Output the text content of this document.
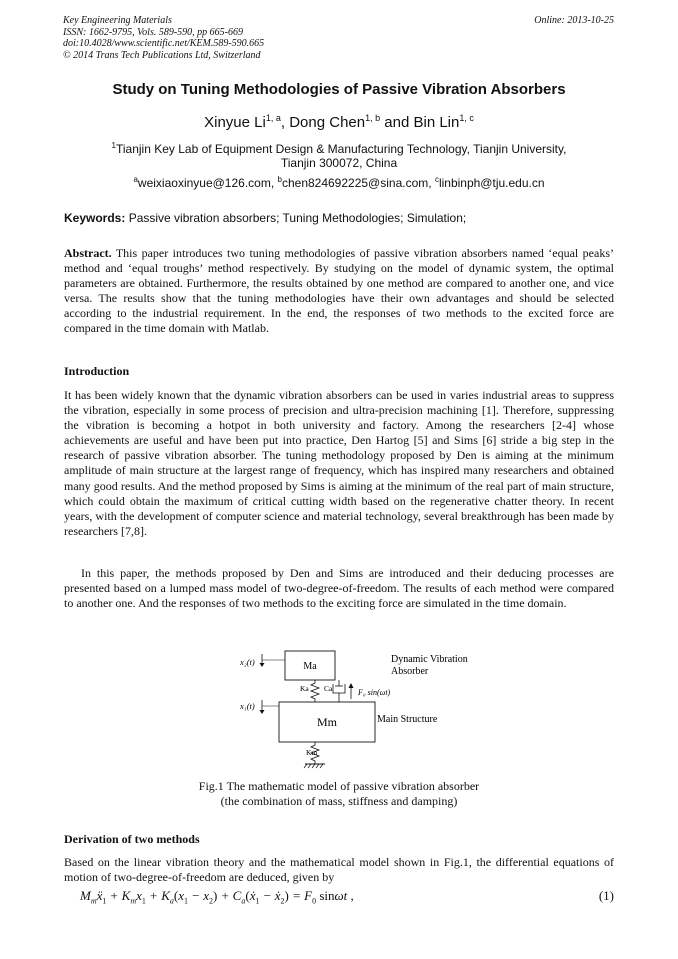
Key Engineering Materials
ISSN: 1662-9795, Vols. 589-590, pp 665-669
doi:10.4028/www.scientific.net/KEM.589-590.665
© 2014 Trans Tech Publications Ltd, Switzerland
Online: 2013-10-25
Study on Tuning Methodologies of Passive Vibration Absorbers
Xinyue Li$^{1, a}$, Dong Chen$^{1, b}$ and Bin Lin$^{1, c}$
$^1$Tianjin Key Lab of Equipment Design & Manufacturing Technology, Tianjin University,
Tianjin 300072, China
$^a$weixiaoxinyue@126.com, $^b$chen824692225@sina.com, $^c$linbinph@tju.edu.cn
Keywords: Passive vibration absorbers; Tuning Methodologies; Simulation;

Abstract. This paper introduces two tuning methodologies of passive vibration absorbers named ‘equal peaks’ method and ‘equal troughs’ method respectively. By studying on the model of dynamic system, the optimal parameters are obtained. Furthermore, the results obtained by one method are compared to another one, and vice versa. The results show that the tuning methodologies have their own advantages and should be selected according to the industrial requirement. In the end, the responses of two methods to the excited force are compared in the time domain with Matlab.

Introduction

It has been widely known that the dynamic vibration absorbers can be used in varies industrial areas to suppress the vibration, especially in some process of precision and ultra-precision machining [1]. Therefore, suppressing the vibration is becoming a hotpot in both university and factory. Among the researchers [2-4] whose achievements are useful and have been put into practice, Den Hartog [5] and Sims [6] stride a big step in the research of passive vibration absorber. The tuning methodology proposed by Den is aiming at the minimum amplitude of main structure at the largest range of frequency, which has inspired many researchers and obtained many good results. And the method proposed by Sims is aiming at the minimum of the real part of main structure, which could obtain the maximum of critical cutting width based on the regenerative chatter theory. In recent years, with the development of computer science and material technology, several breakthrough has been made by researchers [7,8].

In this paper, the methods proposed by Den and Sims are introduced and their deducing processes are presented based on a lumped mass model of two-degree-of-freedom. The results of each method were compared to another one. And the responses of two methods to the exciting force are simulated in the time domain.

x₂(t)	Ma
Dynamic Vibration
Absorber
Ka Ca	F₀ sin(ωt)
x₁(t)
Mm	Main Structure
Km
Fig.1 The mathematic model of passive vibration absorber
(the combination of mass, stiffness and damping)

Derivation of two methods

Based on the linear vibration theory and the mathematical model shown in Fig.1, the differential equations of motion of two-degree-of-freedom are deduced, given by

$M_mẍ_1 + K_mx_1 + K_a(x_1 - x_2)$ + $C_a(ẋ_1$ − $ẋ_2) = F_0$ sinωt ,	(1)
